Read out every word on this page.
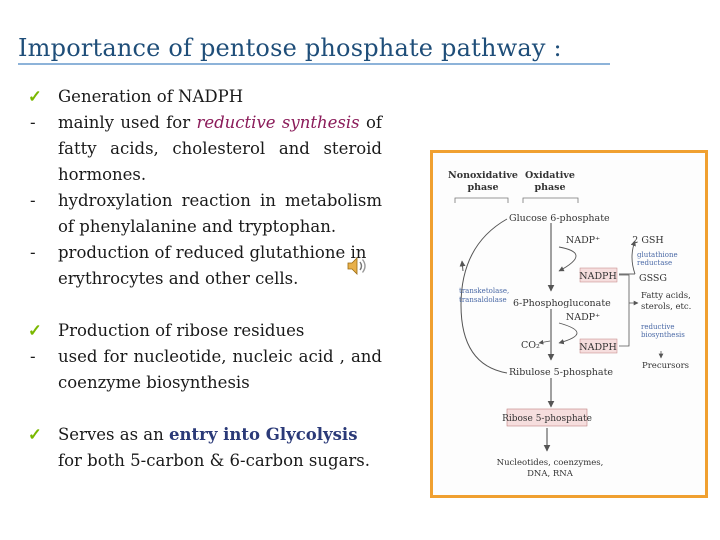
Importance of pentose phosphate pathway :
✓ Generation of NADPH
- mainly used for reductive synthesis of fatty acids, cholesterol and steroid hormones.
- hydroxylation reaction in metabolism of phenylalanine and tryptophan.
- production of reduced glutathione in erythrocytes and other cells.
✓ Production of ribose residues
- used for nucleotide, nucleic acid , and coenzyme biosynthesis
✓ Serves as an entry into Glycolysis for both 5-carbon & 6-carbon sugars.
Nonoxidative
phase
Oxidative
phase
Glucose 6-phosphate
NADP⁺
NADPH
2 GSH
glutathione
reductase
GSSG
transketolase,
transaldolase 6-Phosphogluconate
Fatty acids,
sterols, etc.
NADP⁺
reductive
biosynthesis
CO₂	NADPH
Precursors
Ribulose 5-phosphate
Ribose 5-phosphate
Nucleotides, coenzymes,
DNA, RNA
